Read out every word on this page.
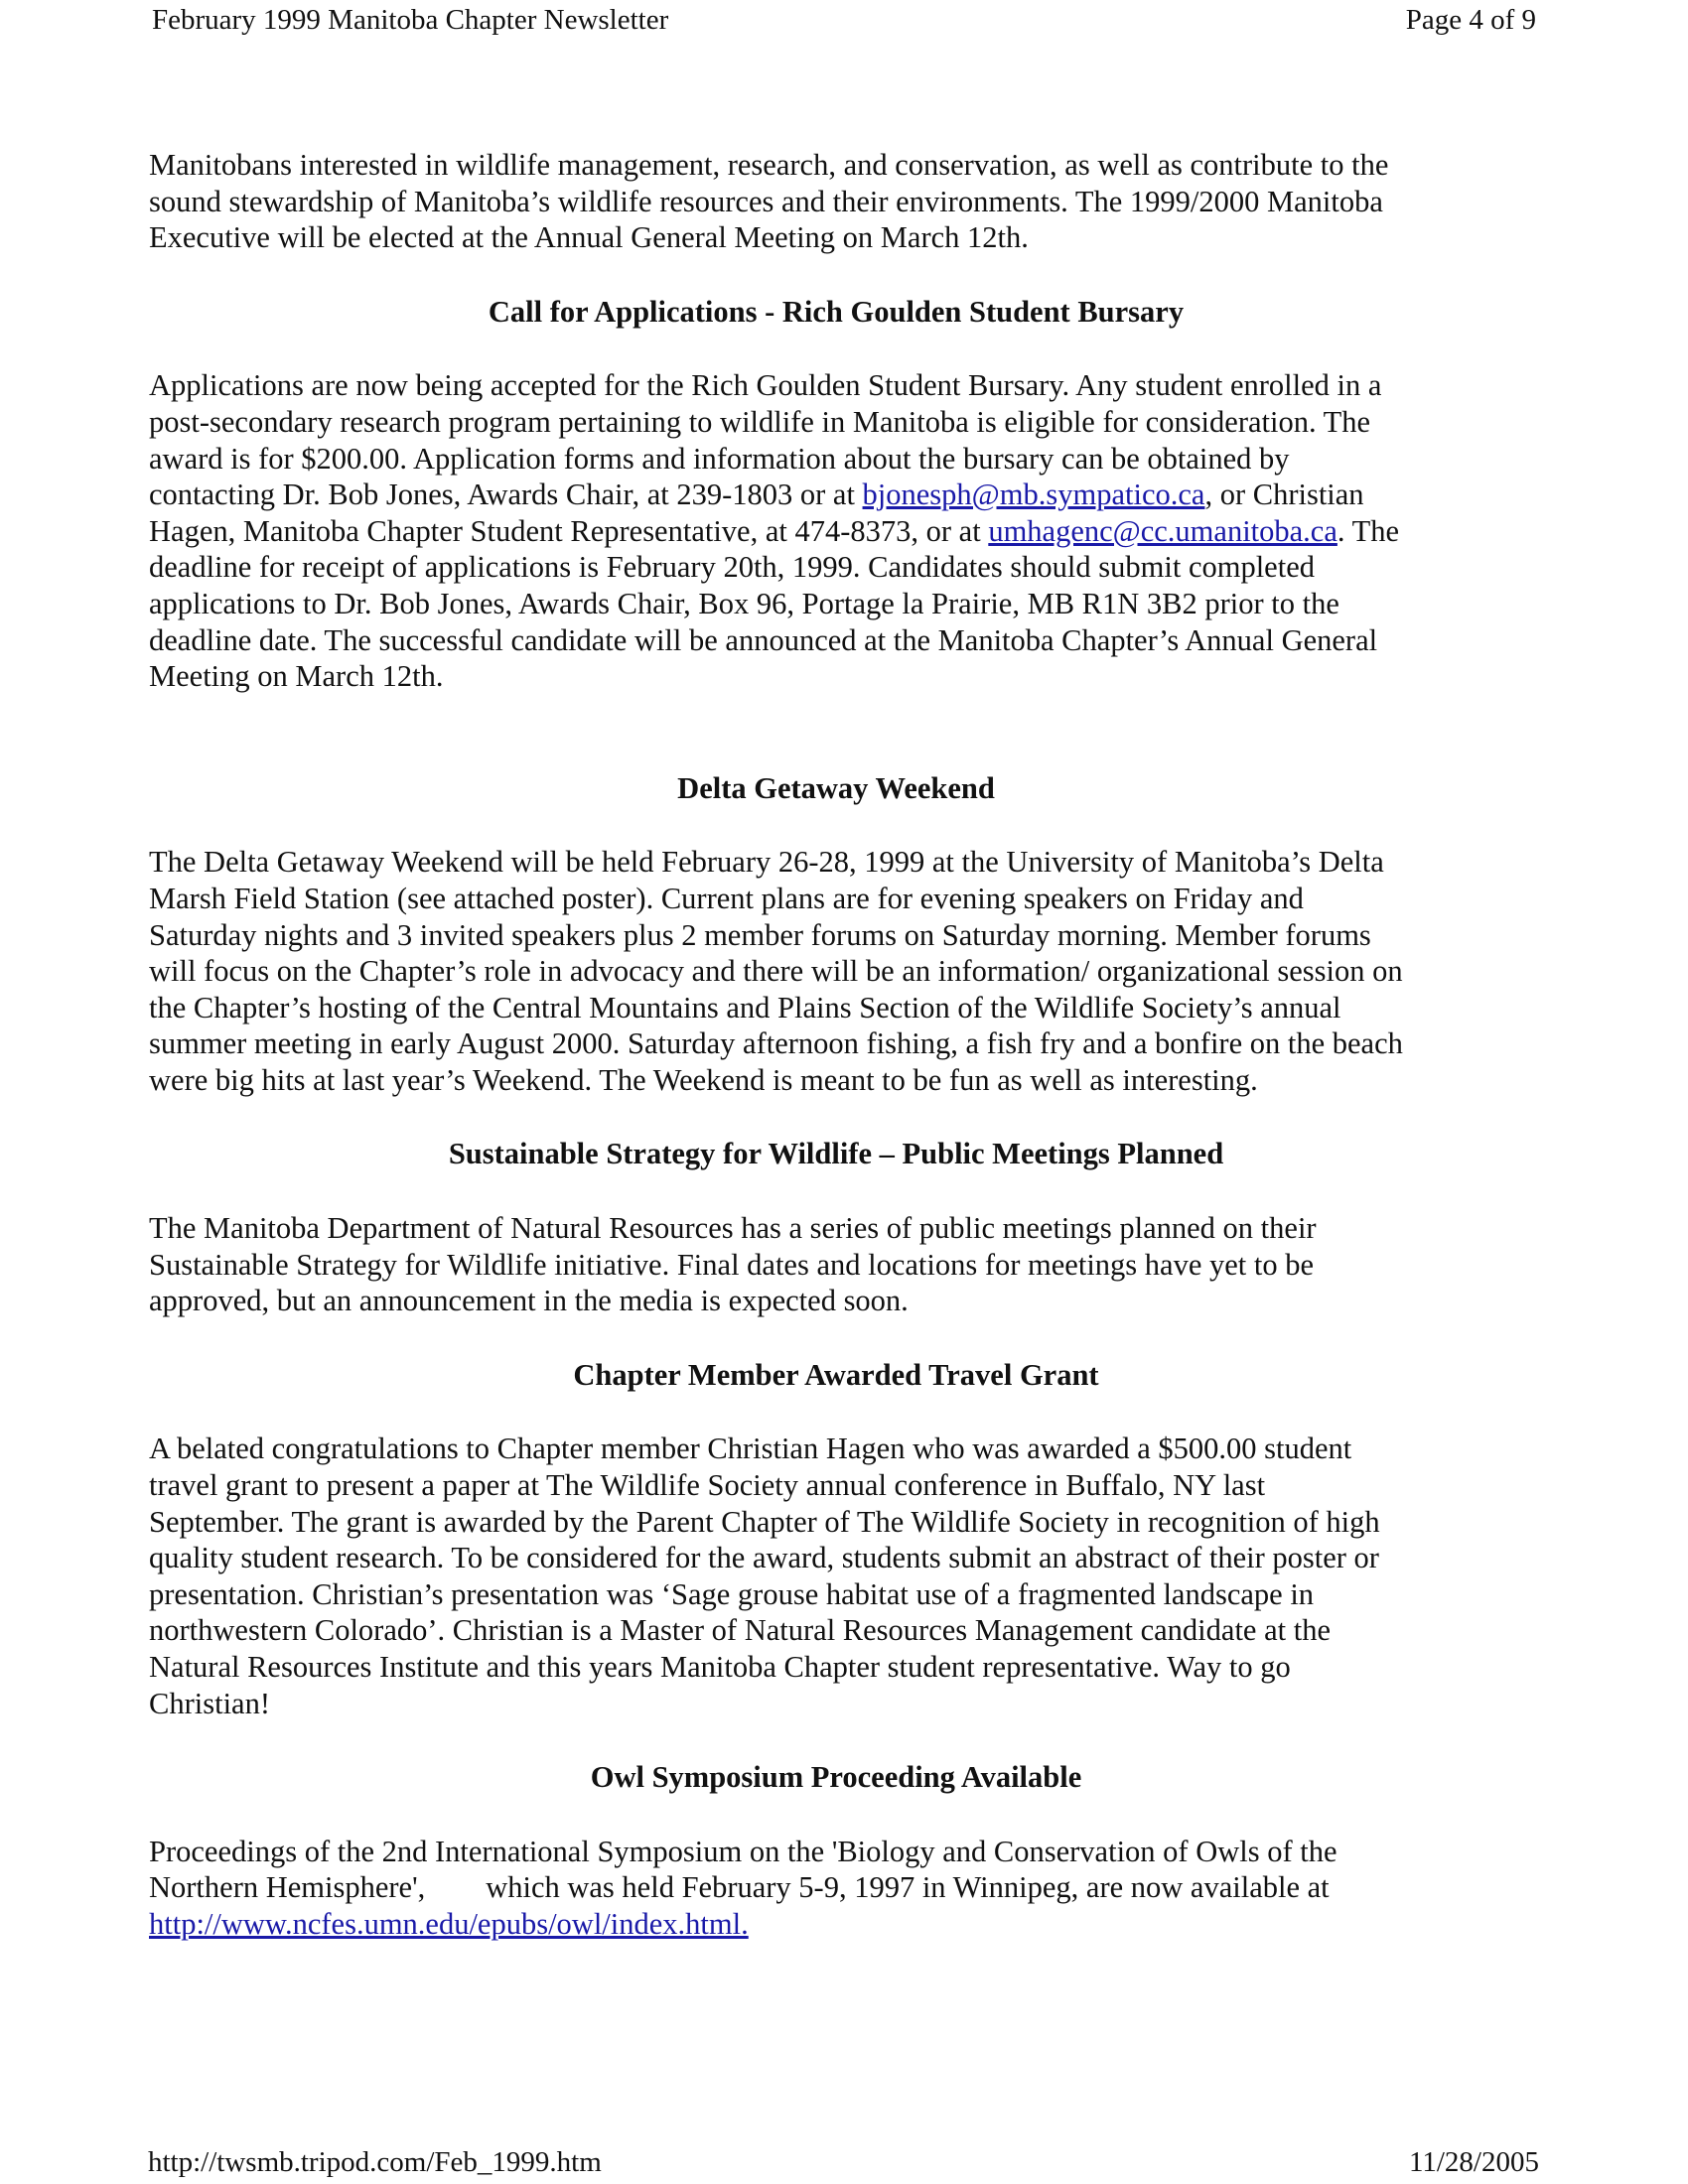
February 1999 Manitoba Chapter Newsletter	Page 4 of 9

Manitobans interested in wildlife management, research, and conservation, as well as contribute to the

sound stewardship of Manitoba’s wildlife resources and their environments. The 1999/2000 Manitoba

Executive will be elected at the Annual General Meeting on March 12th.

Call for Applications - Rich Goulden Student Bursary

Applications are now being accepted for the Rich Goulden Student Bursary. Any student enrolled in a

post-secondary research program pertaining to wildlife in Manitoba is eligible for consideration. The

award is for $200.00. Application forms and information about the bursary can be obtained by

contacting Dr. Bob Jones, Awards Chair, at 239-1803 or at bjonesph@mb.sympatico.ca, or Christian

Hagen, Manitoba Chapter Student Representative, at 474-8373, or at umhagenc@cc.umanitoba.ca. The

deadline for receipt of applications is February 20th, 1999. Candidates should submit completed

applications to Dr. Bob Jones, Awards Chair, Box 96, Portage la Prairie, MB R1N 3B2 prior to the

deadline date. The successful candidate will be announced at the Manitoba Chapter’s Annual General

Meeting on March 12th.

Delta Getaway Weekend

The Delta Getaway Weekend will be held February 26-28, 1999 at the University of Manitoba’s Delta

Marsh Field Station (see attached poster). Current plans are for evening speakers on Friday and

Saturday nights and 3 invited speakers plus 2 member forums on Saturday morning. Member forums

will focus on the Chapter’s role in advocacy and there will be an information/ organizational session on

the Chapter’s hosting of the Central Mountains and Plains Section of the Wildlife Society’s annual

summer meeting in early August 2000. Saturday afternoon fishing, a fish fry and a bonfire on the beach

were big hits at last year’s Weekend. The Weekend is meant to be fun as well as interesting.

Sustainable Strategy for Wildlife – Public Meetings Planned

The Manitoba Department of Natural Resources has a series of public meetings planned on their

Sustainable Strategy for Wildlife initiative. Final dates and locations for meetings have yet to be

approved, but an announcement in the media is expected soon.

Chapter Member Awarded Travel Grant

A belated congratulations to Chapter member Christian Hagen who was awarded a $500.00 student

travel grant to present a paper at The Wildlife Society annual conference in Buffalo, NY last

September. The grant is awarded by the Parent Chapter of The Wildlife Society in recognition of high

quality student research. To be considered for the award, students submit an abstract of their poster or

presentation. Christian’s presentation was ‘Sage grouse habitat use of a fragmented landscape in

northwestern Colorado’. Christian is a Master of Natural Resources Management candidate at the

Natural Resources Institute and this years Manitoba Chapter student representative. Way to go

Christian!

Owl Symposium Proceeding Available

Proceedings of the 2nd International Symposium on the 'Biology and Conservation of Owls of the

Northern Hemisphere',        which was held February 5-9, 1997 in Winnipeg, are now available at

http://www.ncfes.umn.edu/epubs/owl/index.html.

http://twsmb.tripod.com/Feb_1999.htm	11/28/2005
